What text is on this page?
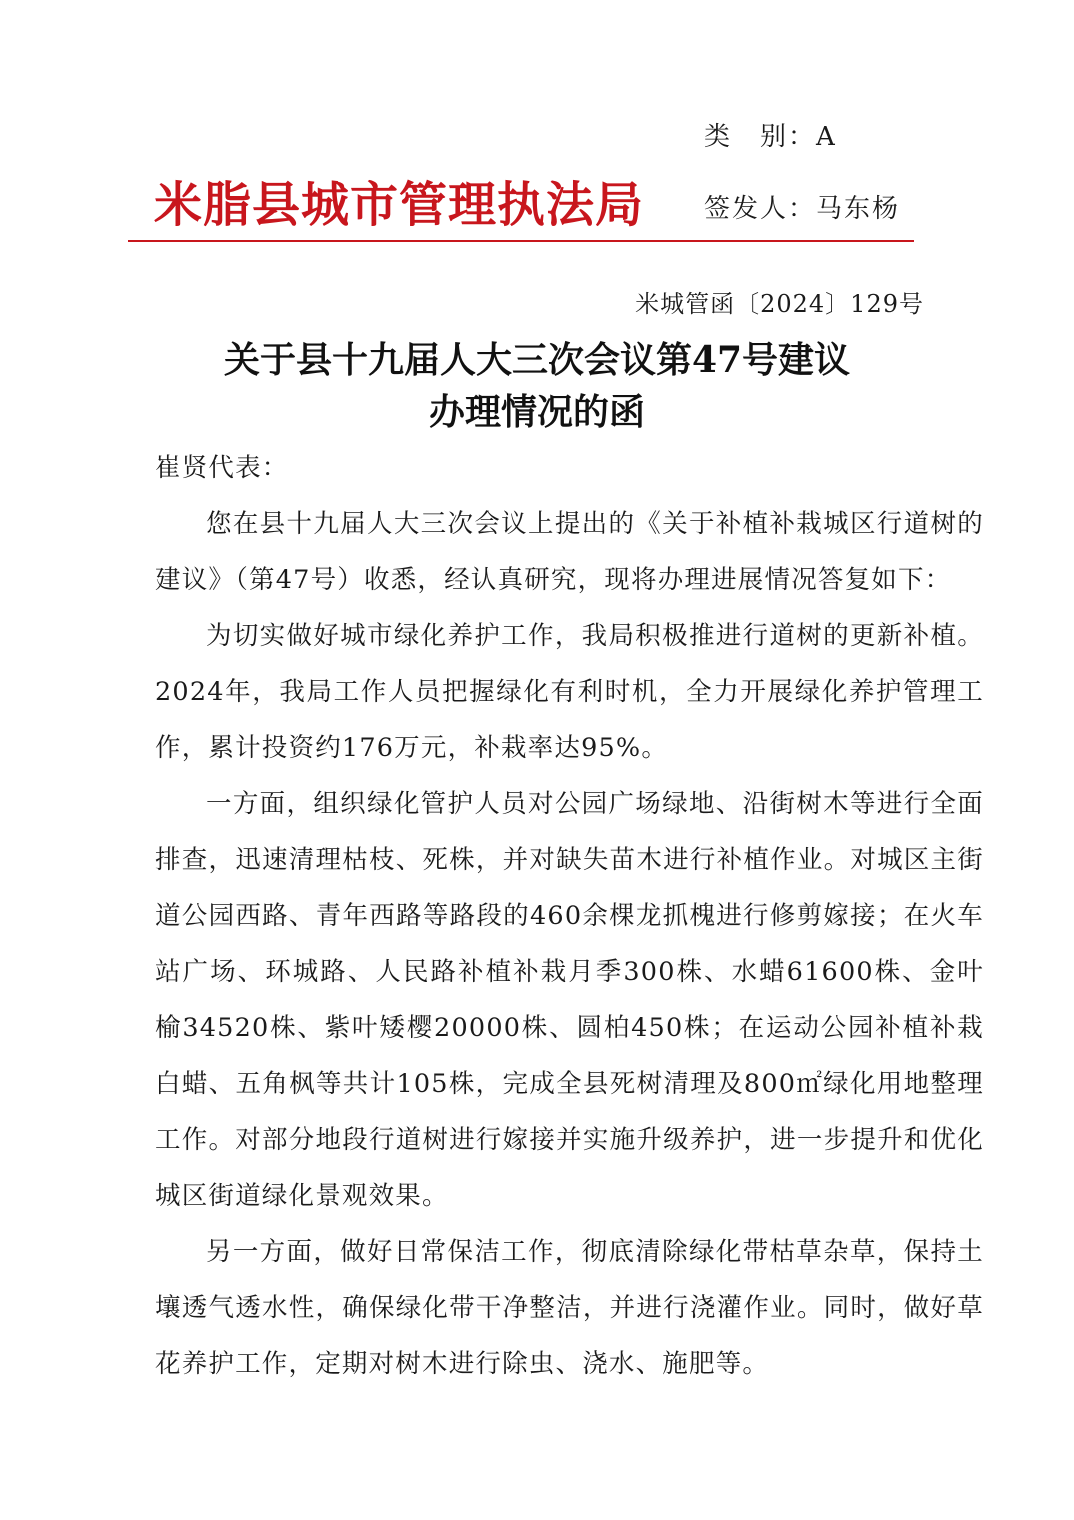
类　别：A
米脂县城市管理执法局 签发人：马东杨
米城管函〔2024〕129号
关于县十九届人大三次会议第47号建议
办理情况的函

崔贤代表：

您在县十九届人大三次会议上提出的《关于补植补栽城区行道树的建议》（第47号）收悉，经认真研究，现将办理进展情况答复如下：

为切实做好城市绿化养护工作，我局积极推进行道树的更新补植。2024年，我局工作人员把握绿化有利时机，全力开展绿化养护管理工作，累计投资约176万元，补栽率达95%。

一方面，组织绿化管护人员对公园广场绿地、沿街树木等进行全面排查，迅速清理枯枝、死株，并对缺失苗木进行补植作业。对城区主街道公园西路、青年西路等路段的460余棵龙抓槐进行修剪嫁接；在火车站广场、环城路、人民路补植补栽月季300株、水蜡61600株、金叶榆34520株、紫叶矮樱20000株、圆柏450株；在运动公园补植补栽白蜡、五角枫等共计105株，完成全县死树清理及800㎡绿化用地整理工作。对部分地段行道树进行嫁接并实施升级养护，进一步提升和优化城区街道绿化景观效果。

另一方面，做好日常保洁工作，彻底清除绿化带枯草杂草，保持土壤透气透水性，确保绿化带干净整洁，并进行浇灌作业。同时，做好草花养护工作，定期对树木进行除虫、浇水、施肥等。
